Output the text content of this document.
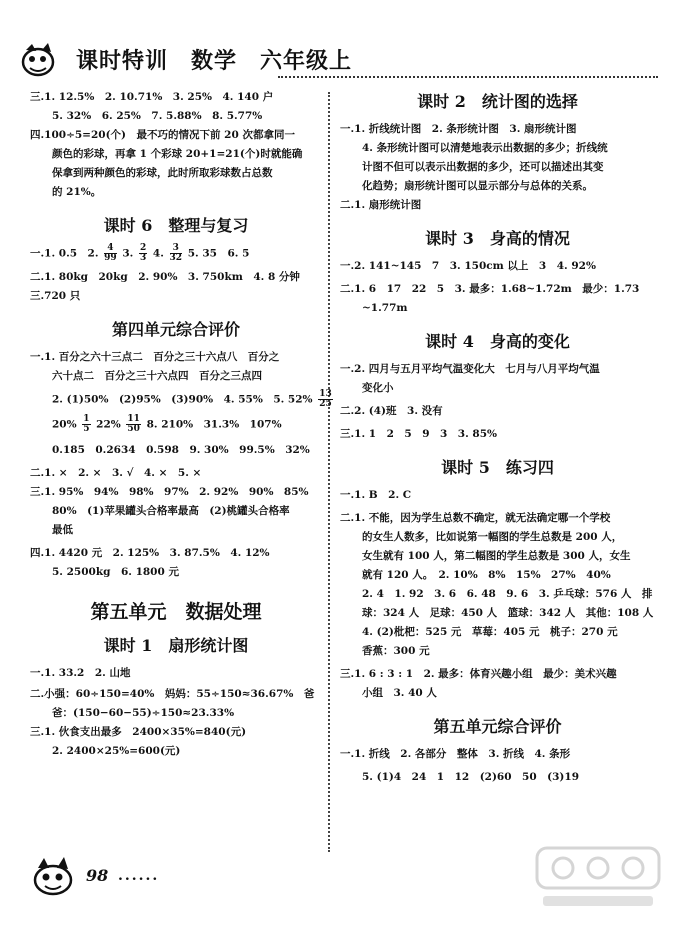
课时特训　数学　六年级上
三.1. 12.5%　2. 10.71%　3. 25%　4. 140 户
5. 32%　6. 25%　7. 5.88%　8. 5.77%
四.100÷5=20(个)　最不巧的情况下前 20 次都拿同一
颜色的彩球，再拿 1 个彩球 20+1=21(个)时就能确
保拿到两种颜色的彩球，此时所取彩球数占总数
的 21%。
课时 6　整理与复习
一.1. 0.5　2. $\frac{4}{99} 3$. $\frac{2}{3} 4$. $\frac{3}{32} 5$. 35　6. 5
二.1. 80kg　20kg　2. 90%　3. 750km　4. 8 分钟
三.720 只
第四单元综合评价
一.1. 百分之六十三点二　百分之三十六点八　百分之
六十点二　百分之三十六点四　百分之三点四
2. (1)50%　(2)95%　(3)90%　4. 55%　5. $52\% \frac{13}{25}$
$20\% \frac{1}{5} 22\% \frac{11}{50} 8$. 210%　31.3%　107%
0.185　0.2634　0.598　9. 30%　99.5%　32%
二.1. ×　2. ×　3. √　4. ×　5. ×
三.1. 95%　94%　98%　97%　2. 92%　90%　85%
80%　(1)苹果罐头合格率最高　(2)桃罐头合格率
最低
四.1. 4420 元　2. 125%　3. 87.5%　4. 12%
5. 2500kg　6. 1800 元
第五单元　数据处理
课时 1　扇形统计图
一.1. 33.2　2. 山地
二.小强：60÷150=40%　妈妈：55÷150≈36.67%　爸
爸：(150−60−55)÷150≈23.33%
三.1. 伙食支出最多　2400×35%=840(元)
2. 2400×25%=600(元)
课时 2　统计图的选择
一.1. 折线统计图　2. 条形统计图　3. 扇形统计图
4. 条形统计图可以清楚地表示出数据的多少；折线统
计图不但可以表示出数据的多少，还可以描述出其变
化趋势；扇形统计图可以显示部分与总体的关系。
二.1. 扇形统计图
课时 3　身高的情况
一.2. 141~145　7　3. 150cm 以上　3　4. 92%
二.1. 6　17　22　5　3. 最多：1.68~1.72m　最少：1.73
~1.77m
课时 4　身高的变化
一.2. 四月与五月平均气温变化大　七月与八月平均气温
变化小
二.2. (4)班　3. 没有
三.1. 1　2　5　9　3　3. 85%
课时 5　练习四
一.1. B　2. C
二.1. 不能，因为学生总数不确定，就无法确定哪一个学校
的女生人数多，比如说第一幅图的学生总数是 200 人，
女生就有 100 人，第二幅图的学生总数是 300 人，女生
就有 120 人。　2. 10%　8%　15%　27%　40%
2. 4　1. 92　3. 6　6. 48　9. 6　3. 乒乓球：576 人　排
球：324 人　足球：450 人　篮球：342 人　其他：108 人
4. (2)枇杷：525 元　草莓：405 元　桃子：270 元
香蕉：300 元
三.1. 6 : 3 : 1　2. 最多：体育兴趣小组　最少：美术兴趣
小组　3. 40 人
第五单元综合评价
一.1. 折线　2. 各部分　整体　3. 折线　4. 条形
5. (1)4　24　1　12　(2)60　50　(3)19
98 ......
